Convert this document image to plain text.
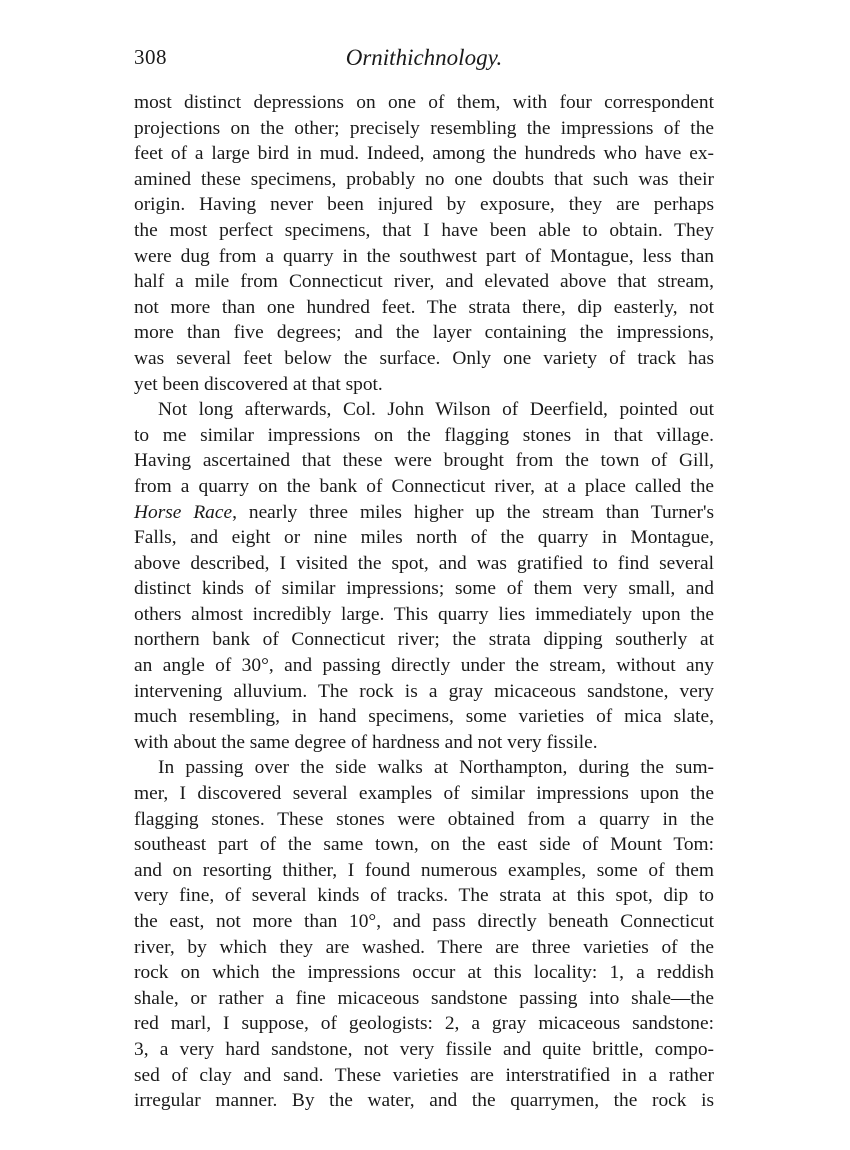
308	Ornithichnology.
most distinct depressions on one of them, with four correspondent
projections on the other; precisely resembling the impressions of the
feet of a large bird in mud. Indeed, among the hundreds who have ex-
amined these specimens, probably no one doubts that such was their
origin. Having never been injured by exposure, they are perhaps
the most perfect specimens, that I have been able to obtain. They
were dug from a quarry in the southwest part of Montague, less than
half a mile from Connecticut river, and elevated above that stream,
not more than one hundred feet. The strata there, dip easterly, not
more than five degrees; and the layer containing the impressions,
was several feet below the surface. Only one variety of track has
yet been discovered at that spot.
Not long afterwards, Col. John Wilson of Deerfield, pointed out
to me similar impressions on the flagging stones in that village.
Having ascertained that these were brought from the town of Gill,
from a quarry on the bank of Connecticut river, at a place called the
Horse Race, nearly three miles higher up the stream than Turner's
Falls, and eight or nine miles north of the quarry in Montague,
above described, I visited the spot, and was gratified to find several
distinct kinds of similar impressions; some of them very small, and
others almost incredibly large. This quarry lies immediately upon the
northern bank of Connecticut river; the strata dipping southerly at
an angle of 30°, and passing directly under the stream, without any
intervening alluvium. The rock is a gray micaceous sandstone, very
much resembling, in hand specimens, some varieties of mica slate,
with about the same degree of hardness and not very fissile.
In passing over the side walks at Northampton, during the sum-
mer, I discovered several examples of similar impressions upon the
flagging stones. These stones were obtained from a quarry in the
southeast part of the same town, on the east side of Mount Tom:
and on resorting thither, I found numerous examples, some of them
very fine, of several kinds of tracks. The strata at this spot, dip to
the east, not more than 10°, and pass directly beneath Connecticut
river, by which they are washed. There are three varieties of the
rock on which the impressions occur at this locality: 1, a reddish
shale, or rather a fine micaceous sandstone passing into shale—the
red marl, I suppose, of geologists: 2, a gray micaceous sandstone:
3, a very hard sandstone, not very fissile and quite brittle, compo-
sed of clay and sand. These varieties are interstratified in a rather
irregular manner. By the water, and the quarrymen, the rock is
